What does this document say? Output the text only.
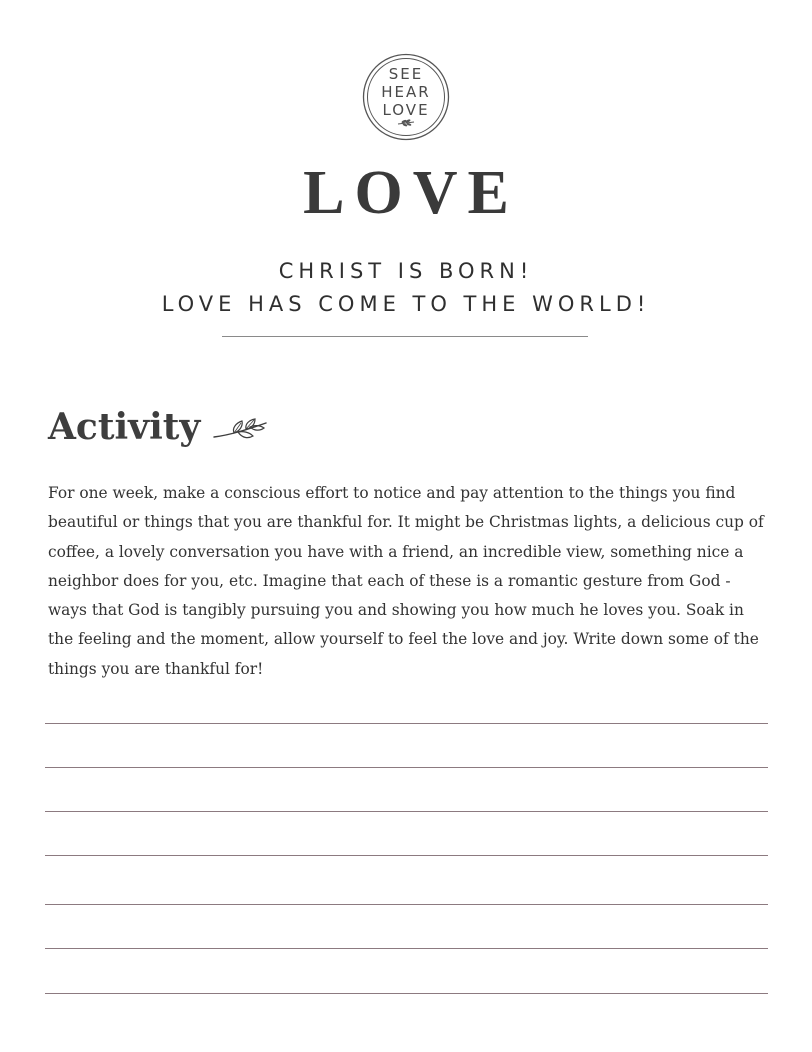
SEE
HEAR
LOVE
LOVE

CHRIST IS BORN!

LOVE HAS COME TO THE WORLD!

Activity

For one week, make a conscious effort to notice and pay attention to the things you find beautiful or things that you are thankful for. It might be Christmas lights, a delicious cup of coffee, a lovely conversation you have with a friend, an incredible view, something nice a neighbor does for you, etc. Imagine that each of these is a romantic gesture from God - ways that God is tangibly pursuing you and showing you how much he loves you. Soak in the feeling and the moment, allow yourself to feel the love and joy. Write down some of the things you are thankful for!
